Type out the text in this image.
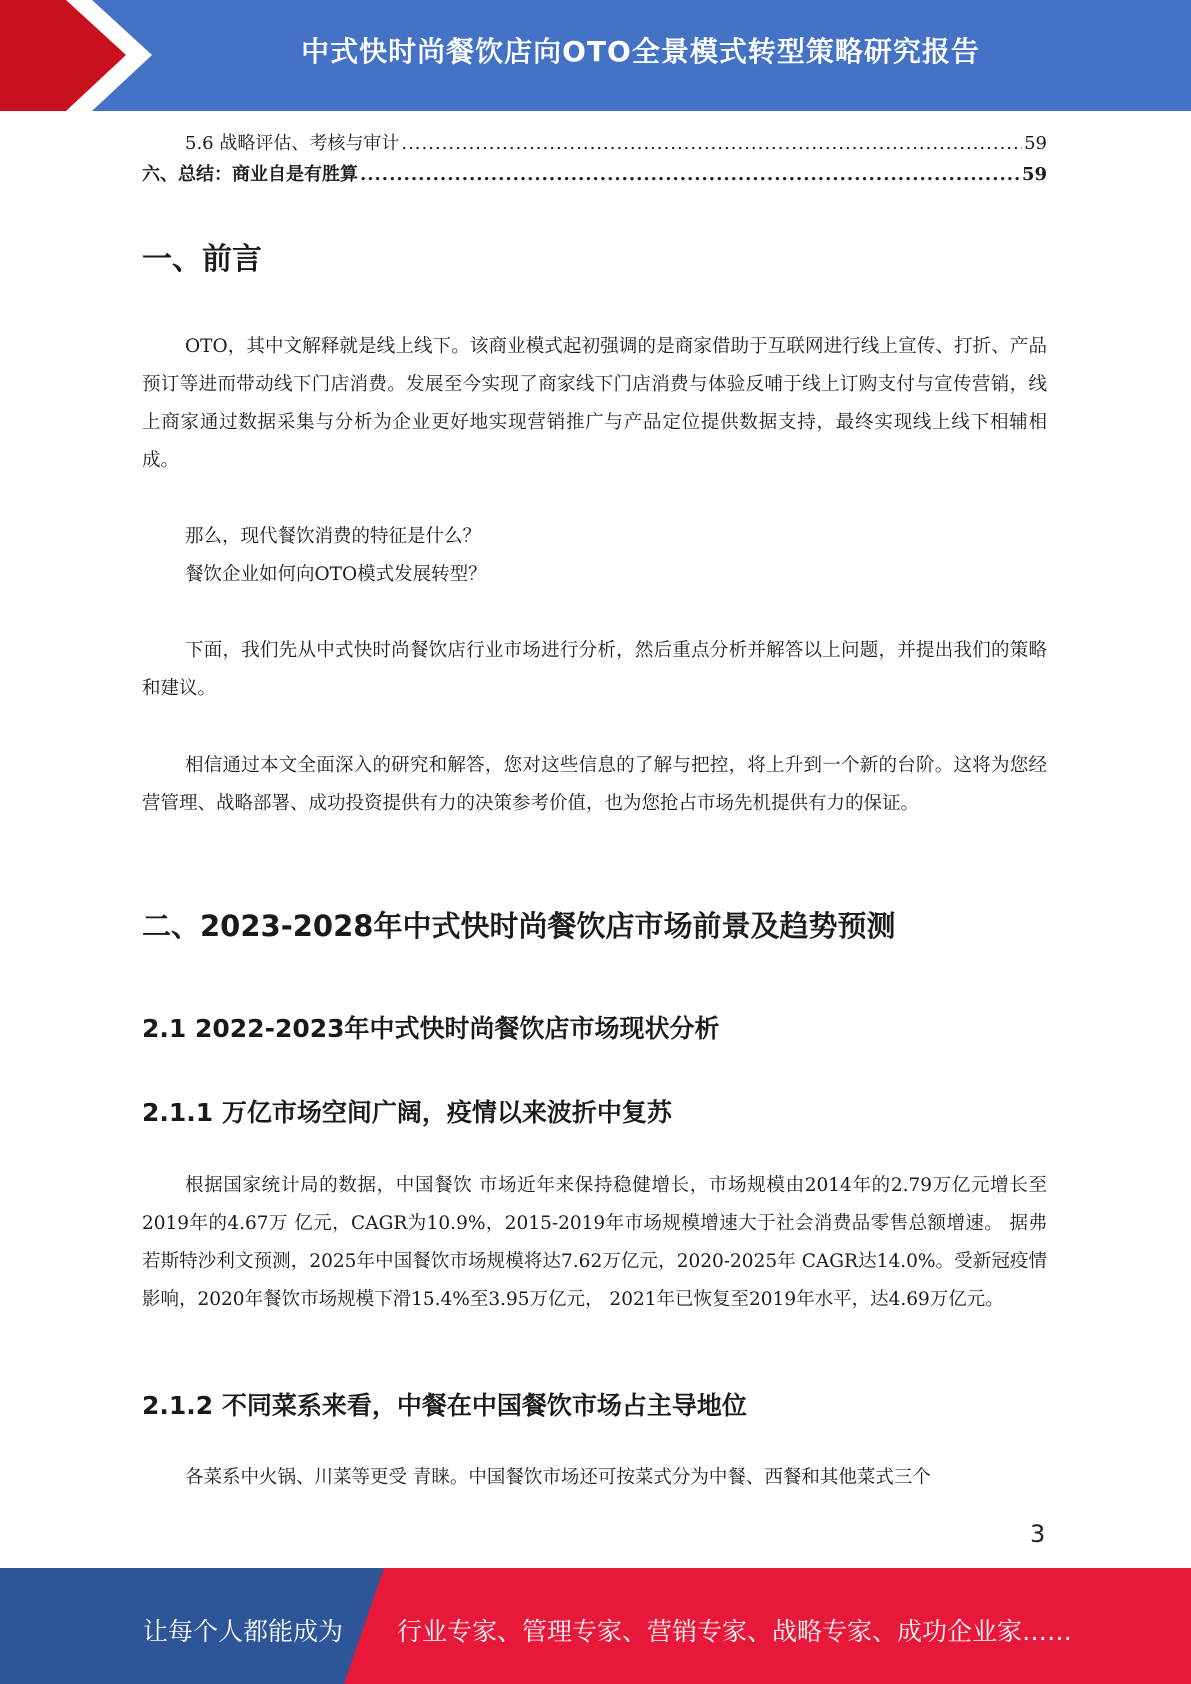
中式快时尚餐饮店向OTO全景模式转型策略研究报告
5.6 战略评估、考核与审计 .....	59
六、总结：商业自是有胜算 .....	59
一、前言

OTO，其中文解释就是线上线下。该商业模式起初强调的是商家借助于互联网进行线上宣传、打折、产品预订等进而带动线下门店消费。发展至今实现了商家线下门店消费与体验反哺于线上订购支付与宣传营销，线上商家通过数据采集与分析为企业更好地实现营销推广与产品定位提供数据支持，最终实现线上线下相辅相成。

那么，现代餐饮消费的特征是什么？

餐饮企业如何向OTO模式发展转型？

下面，我们先从中式快时尚餐饮店行业市场进行分析，然后重点分析并解答以上问题，并提出我们的策略和建议。

相信通过本文全面深入的研究和解答，您对这些信息的了解与把控，将上升到一个新的台阶。这将为您经营管理、战略部署、成功投资提供有力的决策参考价值，也为您抢占市场先机提供有力的保证。

二、2023-2028年中式快时尚餐饮店市场前景及趋势预测
2.1 2022-2023年中式快时尚餐饮店市场现状分析
2.1.1 万亿市场空间广阔，疫情以来波折中复苏

根据国家统计局的数据，中国餐饮 市场近年来保持稳健增长，市场规模由2014年的2.79万亿元增长至2019年的4.67万 亿元，CAGR为10.9%，2015-2019年市场规模增速大于社会消费品零售总额增速。 据弗若斯特沙利文预测，2025年中国餐饮市场规模将达7.62万亿元，2020-2025年 CAGR达14.0%。受新冠疫情影响，2020年餐饮市场规模下滑15.4%至3.95万亿元， 2021年已恢复至2019年水平，达4.69万亿元。

2.1.2 不同菜系来看，中餐在中国餐饮市场占主导地位

各菜系中火锅、川菜等更受 青睐。中国餐饮市场还可按菜式分为中餐、西餐和其他菜式三个

3
让每个人都能成为 行业专家、管理专家、营销专家、战略专家、成功企业家……
